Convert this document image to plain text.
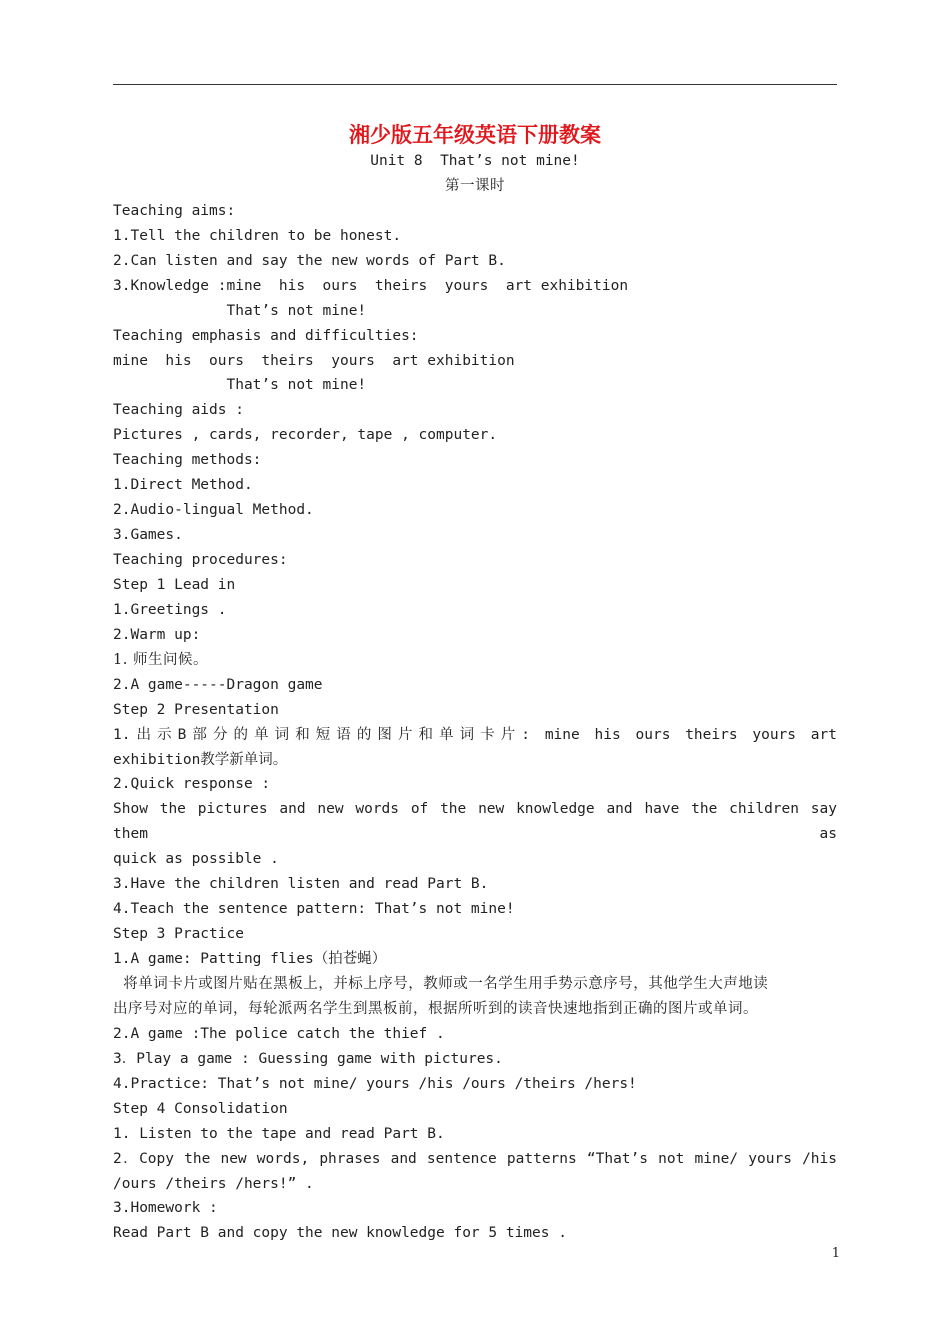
湘少版五年级英语下册教案
Unit 8  That’s not mine!
第一课时
Teaching aims:
1.Tell the children to be honest.
2.Can listen and say the new words of Part B.
3.Knowledge :mine  his  ours  theirs  yours  art exhibition
That’s not mine!
Teaching emphasis and difficulties:
mine  his  ours  theirs  yours  art exhibition
That’s not mine!
Teaching aids :
Pictures , cards, recorder, tape , computer.
Teaching methods:
1.Direct Method.
2.Audio-lingual Method.
3.Games.
Teaching procedures:
Step 1 Lead in
1.Greetings .
2.Warm up:
1. 师生问候。
2.A game-----Dragon game
Step 2 Presentation
1.出示B部分的单词和短语的图片和单词卡片: mine his ours theirs yours art
exhibition教学新单词。
2.Quick response :
Show the pictures and new words of the new knowledge and have the children say them as
quick as possible .
3.Have the children listen and read Part B.
4.Teach the sentence pattern: That’s not mine!
Step 3 Practice
1.A game: Patting flies（拍苍蝇）
将单词卡片或图片贴在黑板上，并标上序号，教师或一名学生用手势示意序号，其他学生大声地读
出序号对应的单词，每轮派两名学生到黑板前，根据所听到的读音快速地指到正确的图片或单词。
2.A game :The police catch the thief .
3．Play a game : Guessing game with pictures.
4.Practice: That’s not mine/ yours /his /ours /theirs /hers!
Step 4 Consolidation
1. Listen to the tape and read Part B.
2．Copy the new words, phrases and sentence patterns “That’s not mine/ yours /his
/ours /theirs /hers!” .
3.Homework :
Read Part B and copy the new knowledge for 5 times .
1
